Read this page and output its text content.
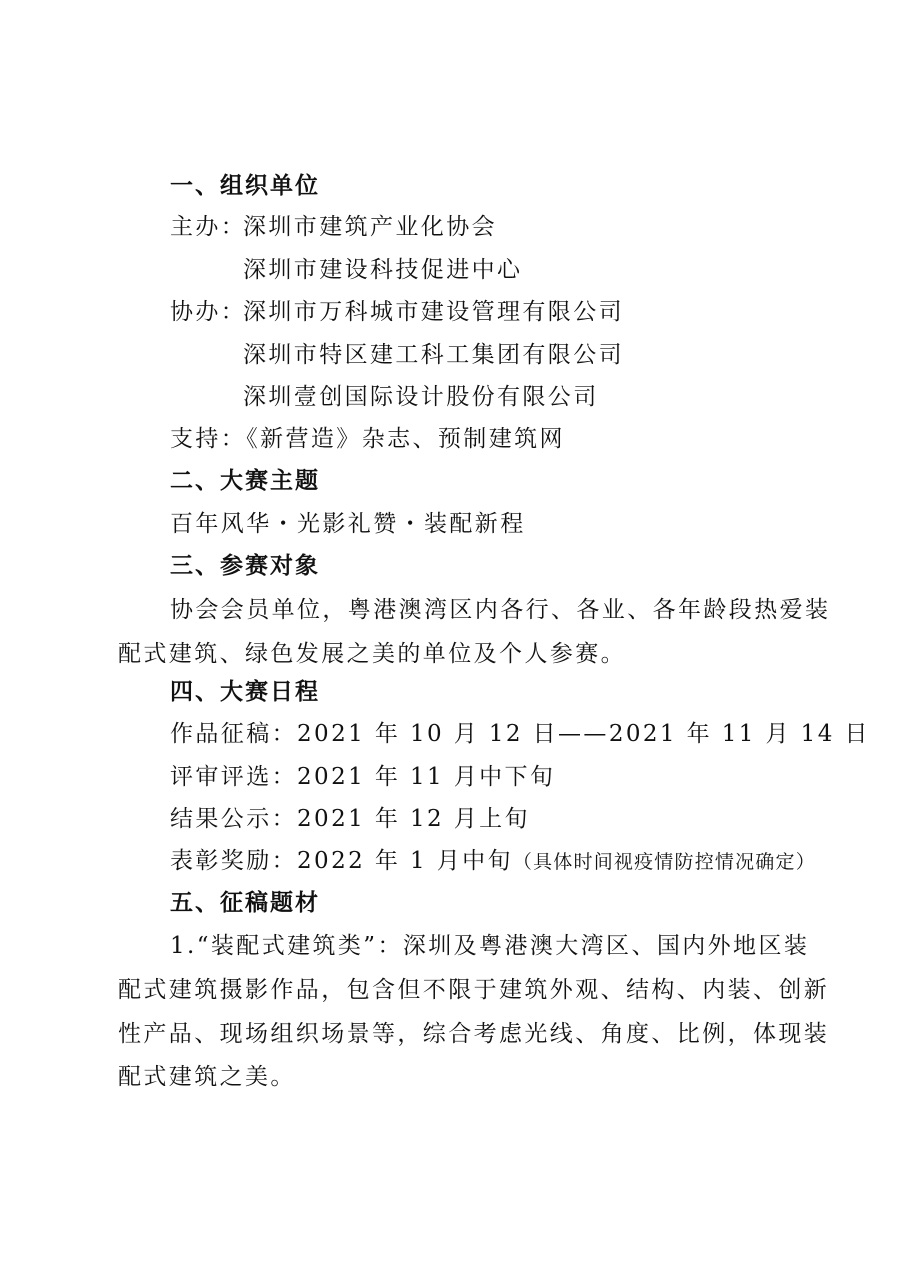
一、组织单位
主办：
深圳市建筑产业化协会
深圳市建设科技促进中心
协办：
深圳市万科城市建设管理有限公司
深圳市特区建工科工集团有限公司
深圳壹创国际设计股份有限公司
支持：《新营造》杂志、预制建筑网
二、大赛主题
百年风华・光影礼赞・装配新程
三、参赛对象
协会会员单位，粤港澳湾区内各行、各业、各年龄段热爱装
配式建筑、绿色发展之美的单位及个人参赛。
四、大赛日程
作品征稿：2021 年 10 月 12 日——2021 年 11 月 14 日
评审评选：2021 年 11 月中下旬
结果公示：2021 年 12 月上旬
表彰奖励：2022 年 1 月中旬（具体时间视疫情防控情况确定）
五、征稿题材
1.“装配式建筑类”：深圳及粤港澳大湾区、国内外地区装
配式建筑摄影作品，包含但不限于建筑外观、结构、内装、创新
性产品、现场组织场景等，综合考虑光线、角度、比例，体现装
配式建筑之美。
